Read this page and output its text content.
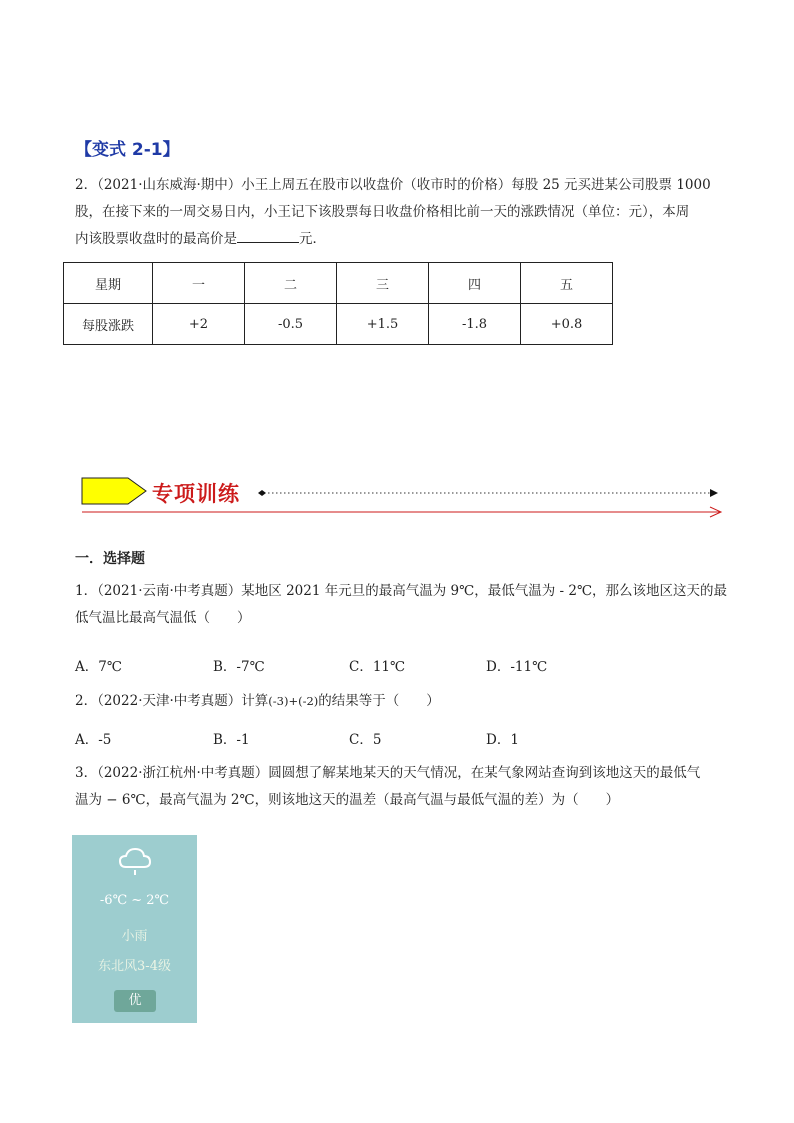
【变式 2-1】
2．（2021·山东威海·期中）小王上周五在股市以收盘价（收市时的价格）每股 25 元买进某公司股票 1000
股，在接下来的一周交易日内，小王记下该股票每日收盘价格相比前一天的涨跌情况（单位：元），本周
内该股票收盘时的最高价是	元．
星期	一	二	三	四	五
每股涨跌	+2	-0.5	+1.5	-1.8	+0.8
专项训练
一．选择题
1．（2021·云南·中考真题）某地区 2021 年元旦的最高气温为 9℃，最低气温为 - 2℃，那么该地区这天的最
低气温比最高气温低（　　）
A．7℃	B．-7℃	C．11℃	D．-11℃
2．（2022·天津·中考真题）计算(-3)+(-2)的结果等于（　　）
A．-5	B．-1	C．5	D．1
3．（2022·浙江杭州·中考真题）圆圆想了解某地某天的天气情况，在某气象网站查询到该地这天的最低气
温为 − 6℃，最高气温为 2℃，则该地这天的温差（最高气温与最低气温的差）为（　　）
-6℃ ~ 2℃
小雨
东北风3-4级
优
